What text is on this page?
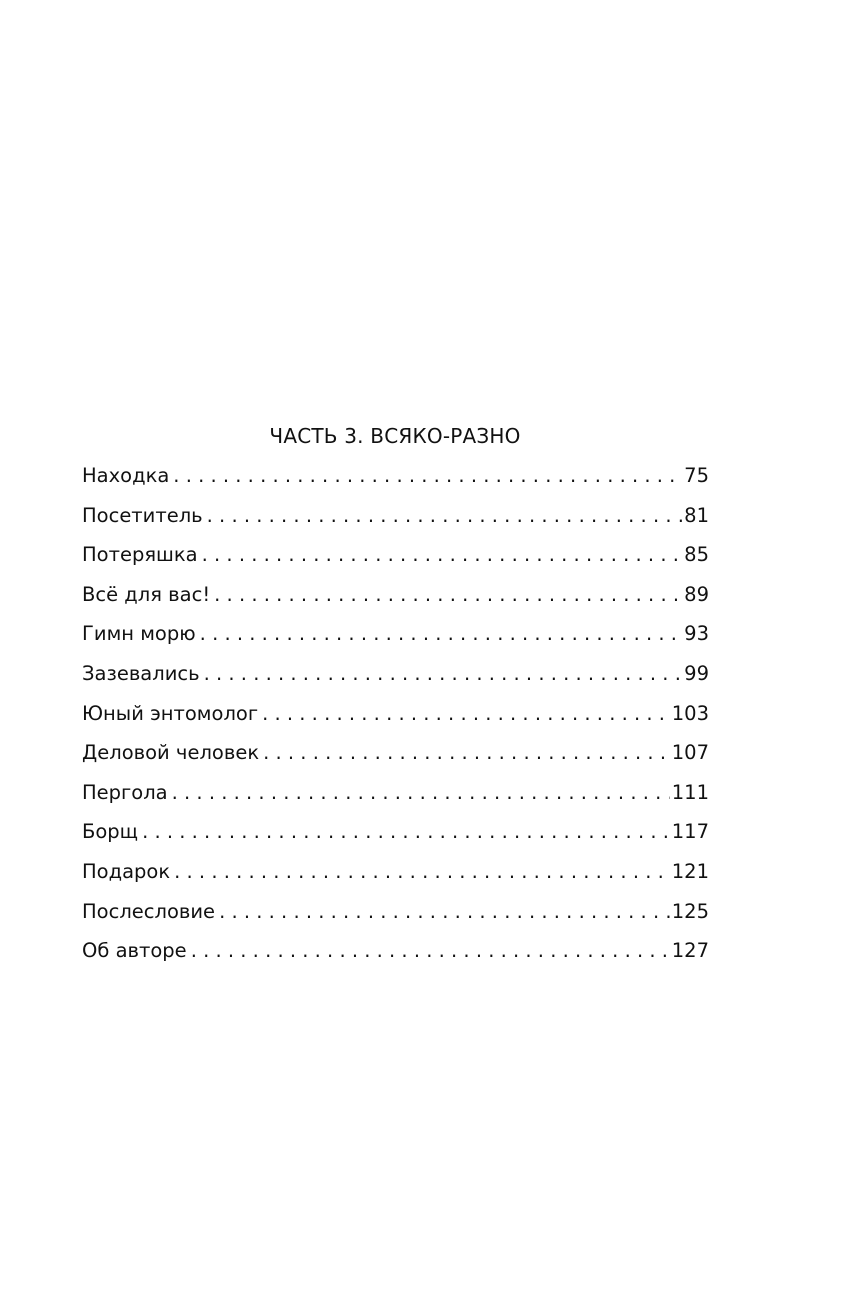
ЧАСТЬ 3. ВСЯКО-РАЗНО
Находка . . .	75
Посетитель . . .	81
Потеряшка . . .	85
Всё для вас! . . .	89
Гимн морю . . .	93
Зазевались . . .	99
Юный энтомолог . . .	103
Деловой человек . . .	107
Пергола . . .	111
Борщ . . .	117
Подарок . . .	121
Послесловие . . .	125
Об авторе . . .	127
